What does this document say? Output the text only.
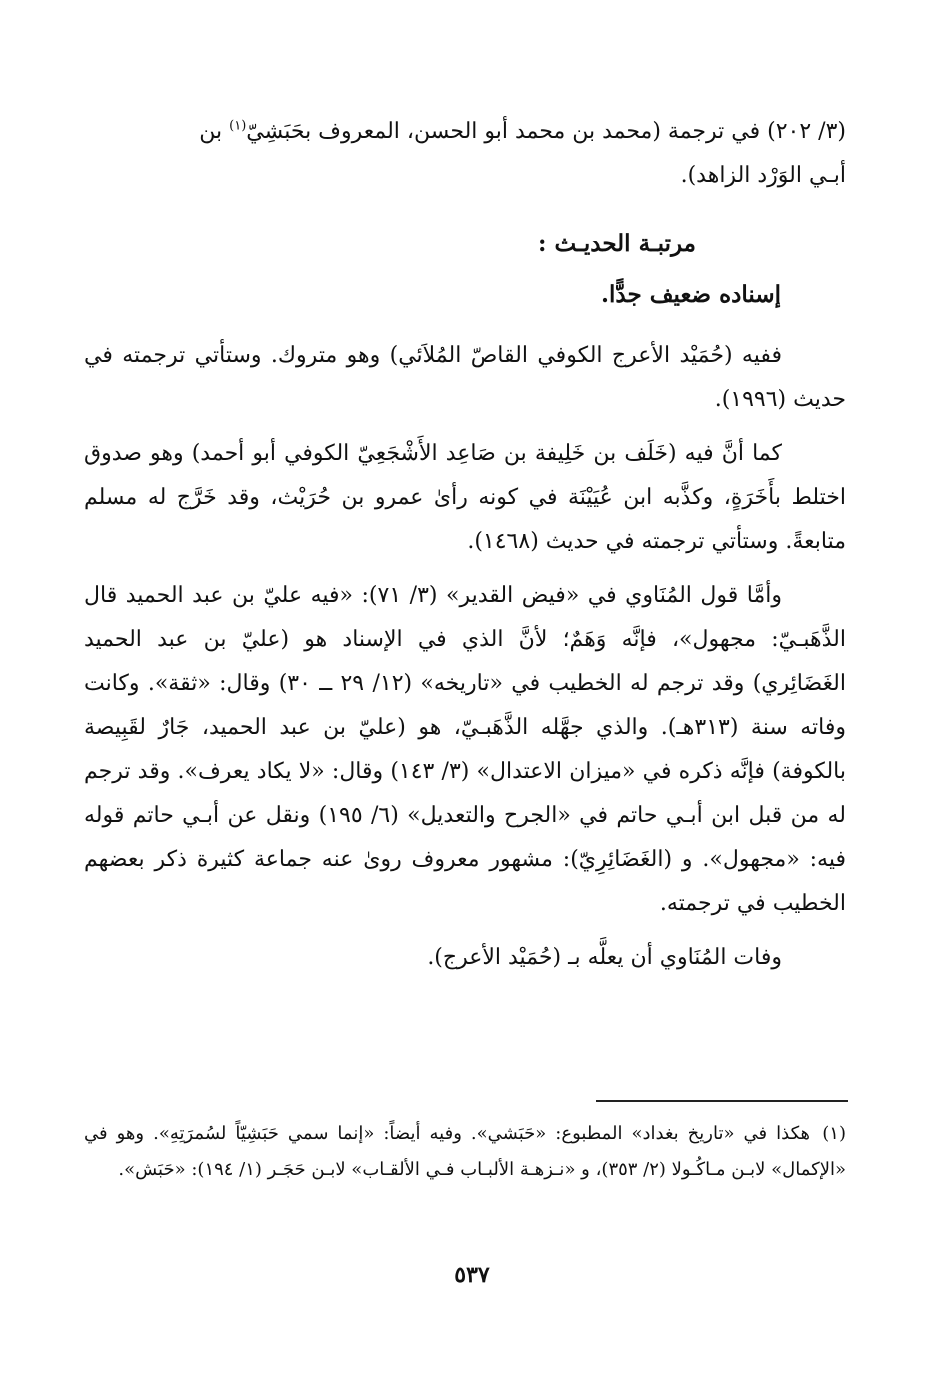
(٣/ ٢٠٢) في ترجمة (محمد بن محمد أبو الحسن، المعروف بحَبَشِيّ$^{(١)}$ بن
أبـي الوَرْد الزاهد).
مرتبـة الحديـث :
إسناده ضعيف جدًّا.
ففيه (حُمَيْد الأعرج الكوفي القاصّ المُلاَئي) وهو متروك. وستأتي ترجمته في حديث (١٩٩٦).
كما أنَّ فيه (خَلَف بن خَلِيفة بن صَاعِد الأَشْجَعِيّ الكوفي أبو أحمد) وهو صدوق اختلط بأَخَرَةٍ، وكذَّبه ابن عُيَيْنَة في كونه رأىٰ عمرو بن حُرَيْث، وقد خَرَّج له مسلم متابعةً. وستأتي ترجمته في حديث (١٤٦٨).
وأمَّا قول المُنَاوي في «فيض القدير» (٣/ ٧١): «فيه عليّ بن عبد الحميد قال الذَّهَبـيّ: مجهول»، فإنَّه وَهَمٌ؛ لأنَّ الذي في الإسناد هو (عليّ بن عبد الحميد الغَضَائِري) وقد ترجم له الخطيب في «تاريخه» (١٢/ ٢٩ ــ ٣٠) وقال: «ثقة». وكانت وفاته سنة (٣١٣هـ). والذي جهَّله الذَّهَبـيّ، هو (عليّ بن عبد الحميد، جَارٌ لقَبِيصة بالكوفة) فإنَّه ذكره في «ميزان الاعتدال» (٣/ ١٤٣) وقال: «لا يكاد يعرف». وقد ترجم له من قبل ابن أبـي حاتم في «الجرح والتعديل» (٦/ ١٩٥) ونقل عن أبـي حاتم قوله فيه: «مجهول». و (الغَضَائِرِيّ): مشهور معروف روىٰ عنه جماعة كثيرة ذكر بعضهم الخطيب في ترجمته.
وفات المُنَاوي أن يعلَّه بـ (حُمَيْد الأعرج).
(١)هكذا في «تاريخ بغداد» المطبوع: «حَبَشي». وفيه أيضاً: «إنما سمي حَبَشِيّاً لسُمرَتِهِ». وهو في «الإكمال» لابـن مـاكُـولا (٢/ ٣٥٣)، و «نـزهـة الألبـاب فـي الألقـاب» لابـن حَجَـر (١/ ١٩٤): «حَبَش».
٥٣٧
